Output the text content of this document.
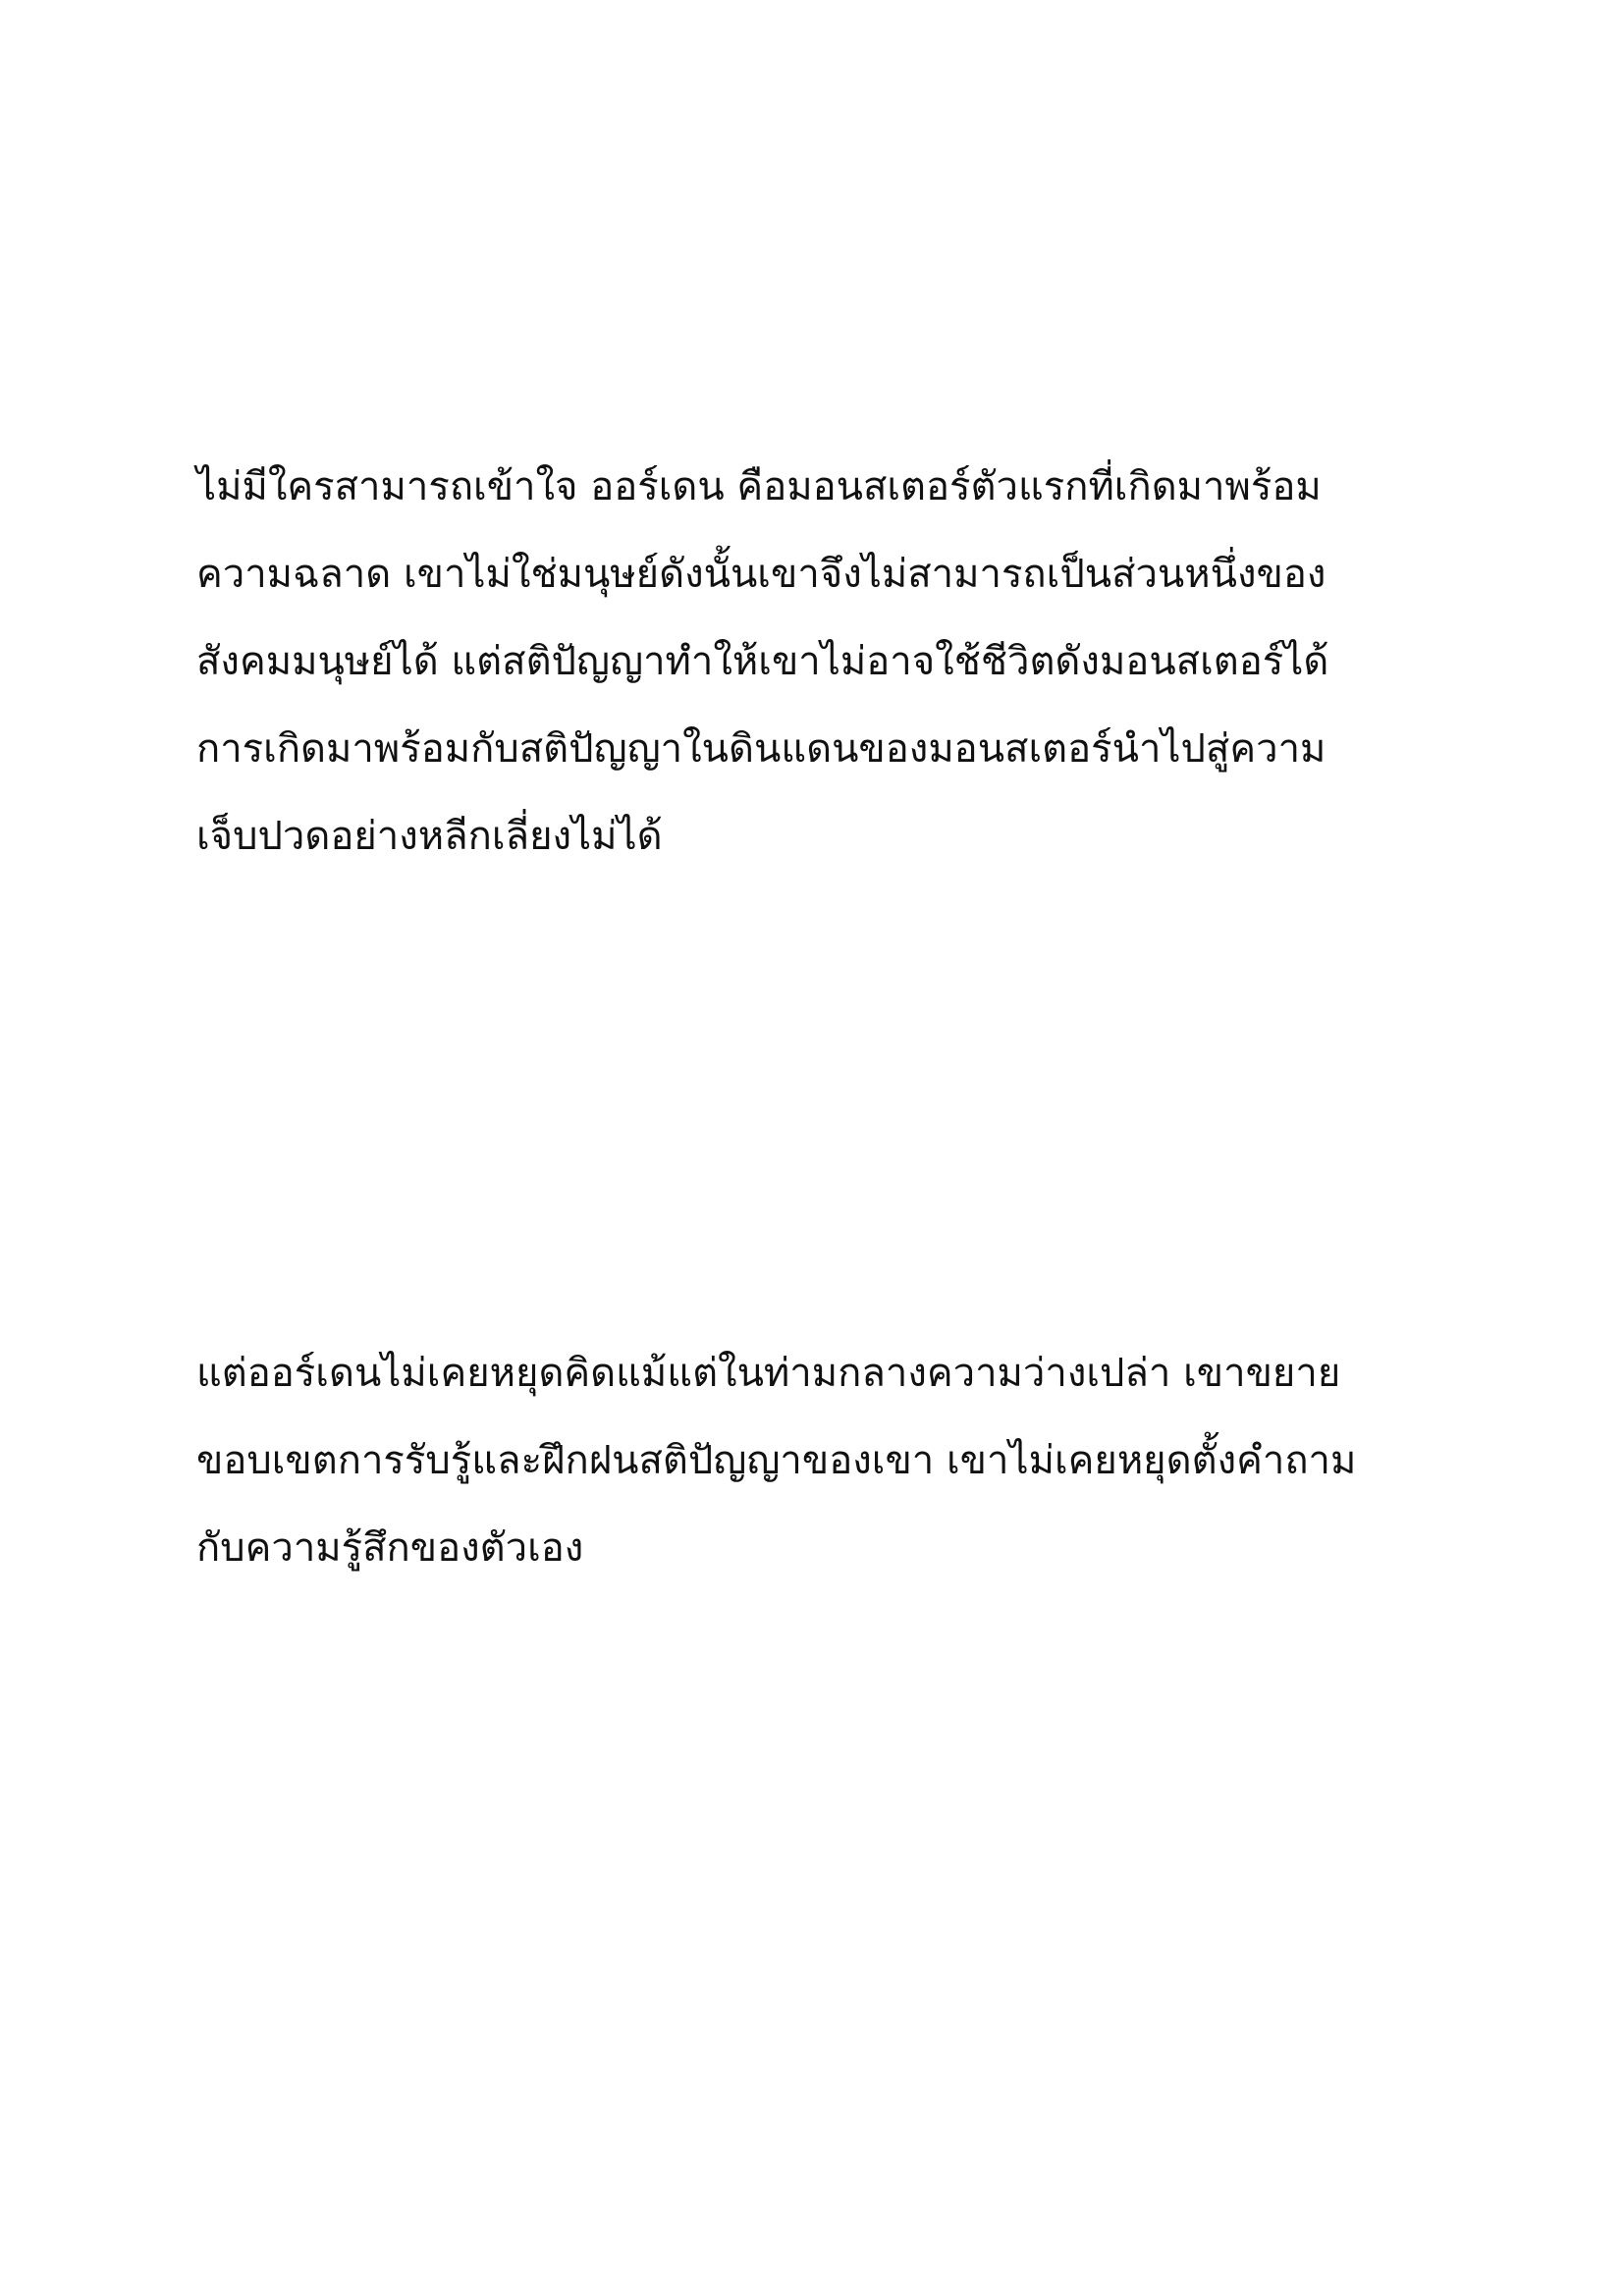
ไม่มีใครสามารถเข้าใจ ออร์เดน คือมอนสเตอร์ตัวแรกที่เกิดมาพร้อม
ความฉลาด เขาไม่ใช่มนุษย์ดังนั้นเขาจึงไม่สามารถเป็นส่วนหนึ่งของ
สังคมมนุษย์ได้ แต่สติปัญญาทำให้เขาไม่อาจใช้ชีวิตดังมอนสเตอร์ได้
การเกิดมาพร้อมกับสติปัญญาในดินแดนของมอนสเตอร์นำไปสู่ความ
เจ็บปวดอย่างหลีกเลี่ยงไม่ได้
แต่ออร์เดนไม่เคยหยุดคิดแม้แต่ในท่ามกลางความว่างเปล่า เขาขยาย
ขอบเขตการรับรู้และฝึกฝนสติปัญญาของเขา เขาไม่เคยหยุดตั้งคำถาม
กับความรู้สึกของตัวเอง
